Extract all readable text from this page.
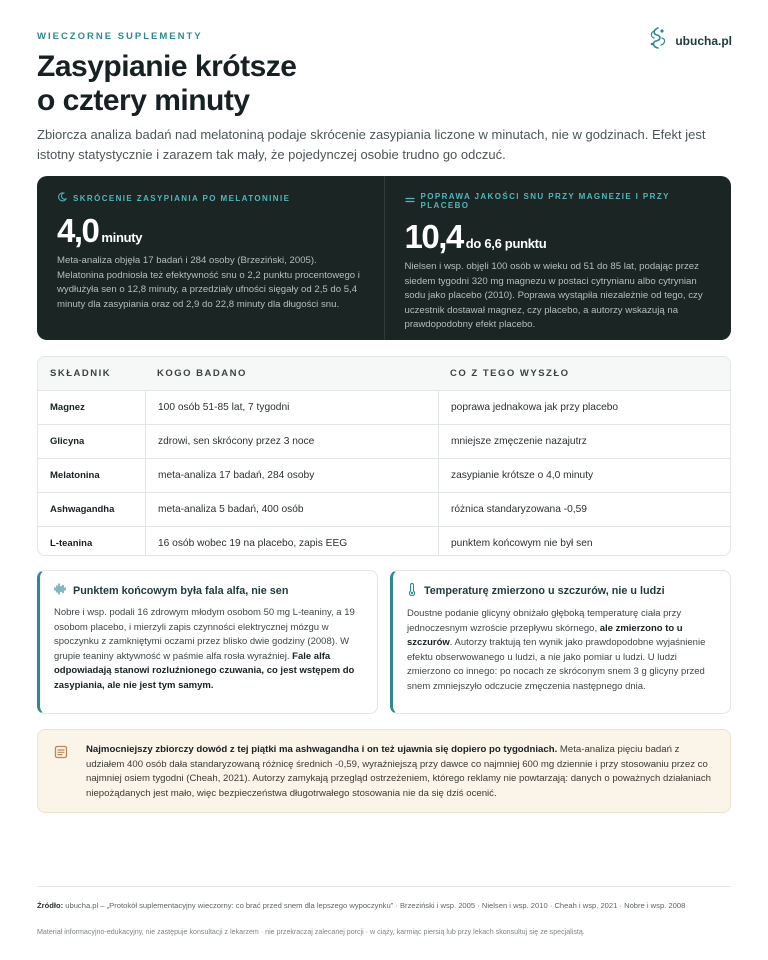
WIECZORNE SUPLEMENTY	ubucha.pl
Zasypianie krótsze
o cztery minuty

Zbiorcza analiza badań nad melatoniną podaje skrócenie zasypiania liczone w minutach, nie w godzinach. Efekt jest istotny statystycznie i zarazem tak mały, że pojedynczej osobie trudno go odczuć.

SKRÓCENIE ZASYPIANIA PO MELATONINIE
4,0 minuty

Meta-analiza objęła 17 badań i 284 osoby (Brzeziński, 2005). Melatonina podniosła też efektywność snu o 2,2 punktu procentowego i wydłużyła sen o 12,8 minuty, a przedziały ufności sięgały od 2,5 do 5,4 minuty dla zasypiania oraz od 2,9 do 22,8 minuty dla długości snu.

POPRAWA JAKOŚCI SNU PRZY MAGNEZIE I PRZY PLACEBO
10,4 do 6,6 punktu

Nielsen i wsp. objęli 100 osób w wieku od 51 do 85 lat, podając przez siedem tygodni 320 mg magnezu w postaci cytrynianu albo cytrynian sodu jako placebo (2010). Poprawa wystąpiła niezależnie od tego, czy uczestnik dostawał magnez, czy placebo, a autorzy wskazują na prawdopodobny efekt placebo.

SKŁADNIK	KOGO BADANO	CO Z TEGO WYSZŁO
Magnez	100 osób 51-85 lat, 7 tygodni	poprawa jednakowa jak przy placebo
Glicyna	zdrowi, sen skrócony przez 3 noce	mniejsze zmęczenie nazajutrz
Melatonina	meta-analiza 17 badań, 284 osoby	zasypianie krótsze o 4,0 minuty
Ashwagandha	meta-analiza 5 badań, 400 osób	różnica standaryzowana -0,59
L-teanina	16 osób wobec 19 na placebo, zapis EEG	punktem końcowym nie był sen
Punktem końcowym była fala alfa, nie sen

Nobre i wsp. podali 16 zdrowym młodym osobom 50 mg L-teaniny, a 19 osobom placebo, i mierzyli zapis czynności elektrycznej mózgu w spoczynku z zamkniętymi oczami przez blisko dwie godziny (2008). W grupie teaniny aktywność w paśmie alfa rosła wyraźniej. Fale alfa odpowiadają stanowi rozluźnionego czuwania, co jest wstępem do zasypiania, ale nie jest tym samym.

Temperaturę zmierzono u szczurów, nie u ludzi

Doustne podanie glicyny obniżało głęboką temperaturę ciała przy jednoczesnym wzroście przepływu skórnego, ale zmierzono to u szczurów. Autorzy traktują ten wynik jako prawdopodobne wyjaśnienie efektu obserwowanego u ludzi, a nie jako pomiar u ludzi. U ludzi zmierzono co innego: po nocach ze skróconym snem 3 g glicyny przed snem zmniejszyło odczucie zmęczenia następnego dnia.

Najmocniejszy zbiorczy dowód z tej piątki ma ashwagandha i on też ujawnia się dopiero po tygodniach. Meta-analiza pięciu badań z udziałem 400 osób dała standaryzowaną różnicę średnich -0,59, wyraźniejszą przy dawce co najmniej 600 mg dziennie i przy stosowaniu przez co najmniej osiem tygodni (Cheah, 2021). Autorzy zamykają przegląd ostrzeżeniem, którego reklamy nie powtarzają: danych o poważnych działaniach niepożądanych jest mało, więc bezpieczeństwa długotrwałego stosowania nie da się dziś ocenić.

Źródło: ubucha.pl – „Protokół suplementacyjny wieczorny: co brać przed snem dla lepszego wypoczynku” · Brzeziński i wsp. 2005 · Nielsen i wsp. 2010 · Cheah i wsp. 2021 · Nobre i wsp. 2008

Materiał informacyjno-edukacyjny, nie zastępuje konsultacji z lekarzem · nie przekraczaj zalecanej porcji · w ciąży, karmiąc piersią lub przy lekach skonsultuj się ze specjalistą.
